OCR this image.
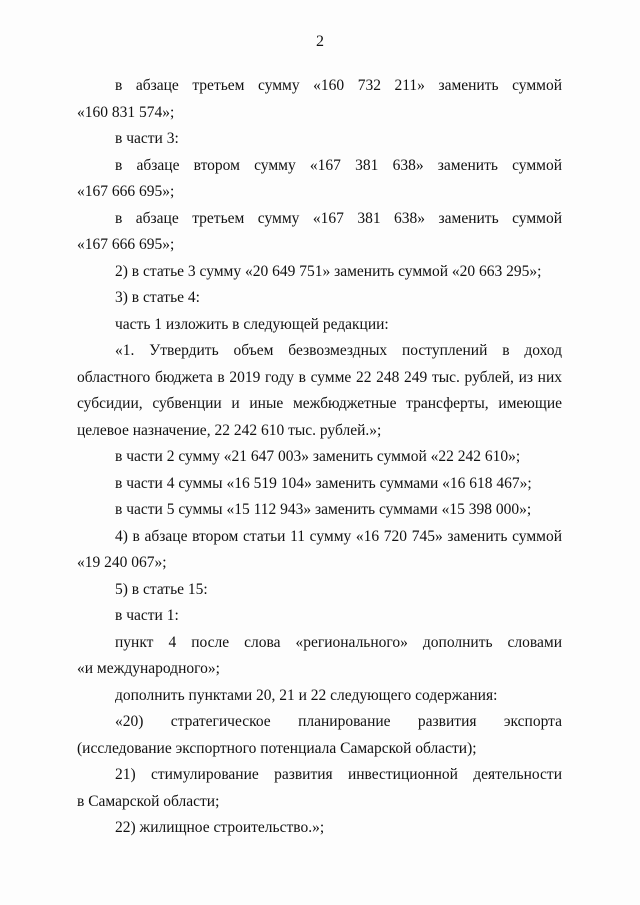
2

в абзаце третьем сумму «160 732 211» заменить суммой
«160 831 574»;

в части 3:

в абзаце втором сумму «167 381 638» заменить суммой
«167 666 695»;

в абзаце третьем сумму «167 381 638» заменить суммой
«167 666 695»;

2) в статье 3 сумму «20 649 751» заменить суммой «20 663 295»;

3) в статье 4:

часть 1 изложить в следующей редакции:

«1. Утвердить объем безвозмездных поступлений в доход областного бюджета в 2019 году в сумме 22 248 249 тыс. рублей, из них субсидии, субвенции и иные межбюджетные трансферты, имеющие целевое назначение, 22 242 610 тыс. рублей.»;

в части 2 сумму «21 647 003» заменить суммой «22 242 610»;

в части 4 суммы «16 519 104» заменить суммами «16 618 467»;

в части 5 суммы «15 112 943» заменить суммами «15 398 000»;

4) в абзаце втором статьи 11 сумму «16 720 745» заменить суммой
«19 240 067»;

5) в статье 15:

в части 1:

пункт 4 после слова «регионального» дополнить словами
«и международного»;

дополнить пунктами 20, 21 и 22 следующего содержания:

«20) стратегическое планирование развития экспорта (исследование экспортного потенциала Самарской области);

21) стимулирование развития инвестиционной деятельности
в Самарской области;

22) жилищное строительство.»;
